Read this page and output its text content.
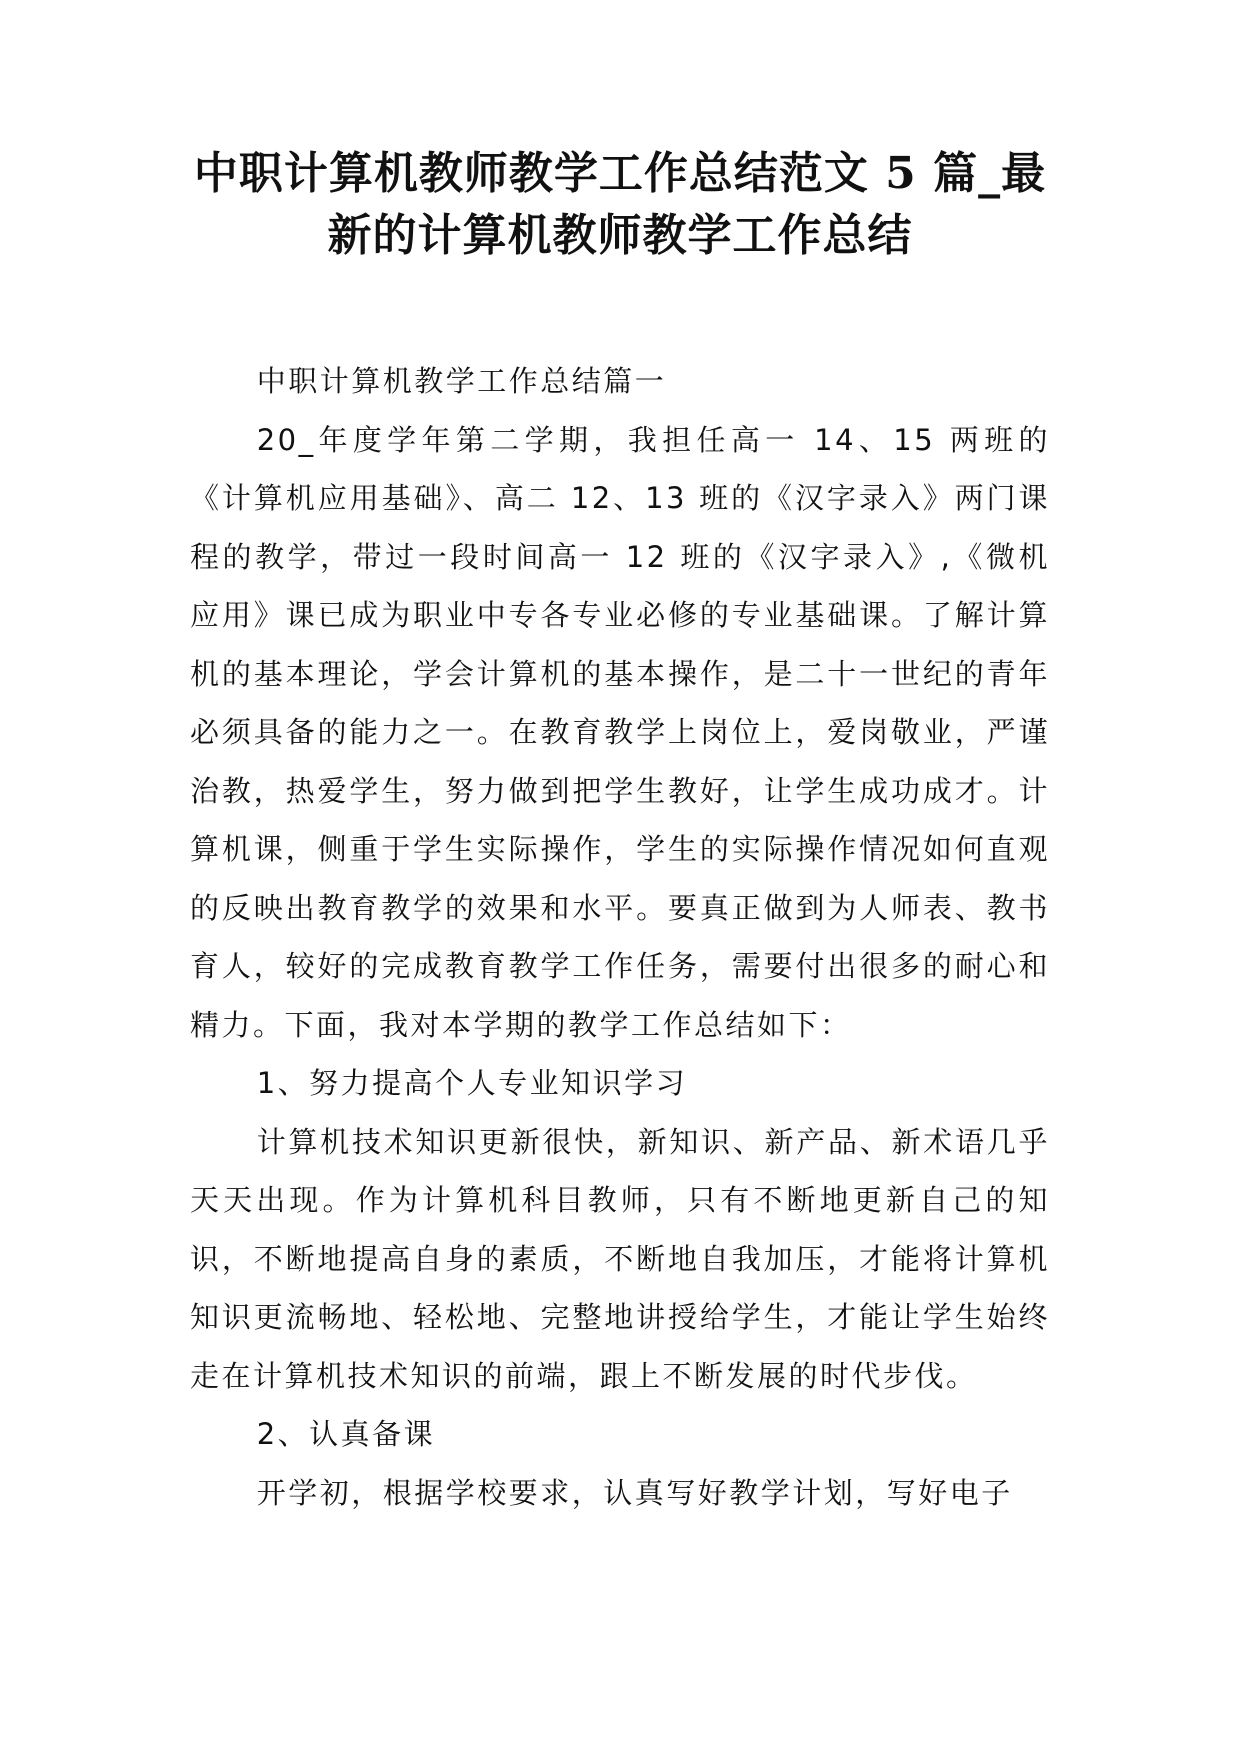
中职计算机教师教学工作总结范文 5 篇_最新的计算机教师教学工作总结

中职计算机教学工作总结篇一

20_年度学年第二学期，我担任高一 14、15 两班的《计算机应用基础》、高二 12、13 班的《汉字录入》两门课程的教学，带过一段时间高一 12 班的《汉字录入》,《微机应用》课已成为职业中专各专业必修的专业基础课。了解计算机的基本理论，学会计算机的基本操作，是二十一世纪的青年必须具备的能力之一。在教育教学上岗位上，爱岗敬业，严谨治教，热爱学生，努力做到把学生教好，让学生成功成才。计算机课，侧重于学生实际操作，学生的实际操作情况如何直观的反映出教育教学的效果和水平。要真正做到为人师表、教书育人，较好的完成教育教学工作任务，需要付出很多的耐心和精力。下面，我对本学期的教学工作总结如下：

1、努力提高个人专业知识学习

计算机技术知识更新很快，新知识、新产品、新术语几乎天天出现。作为计算机科目教师，只有不断地更新自己的知识，不断地提高自身的素质，不断地自我加压，才能将计算机知识更流畅地、轻松地、完整地讲授给学生，才能让学生始终走在计算机技术知识的前端，跟上不断发展的时代步伐。

2、认真备课

开学初，根据学校要求，认真写好教学计划，写好电子
